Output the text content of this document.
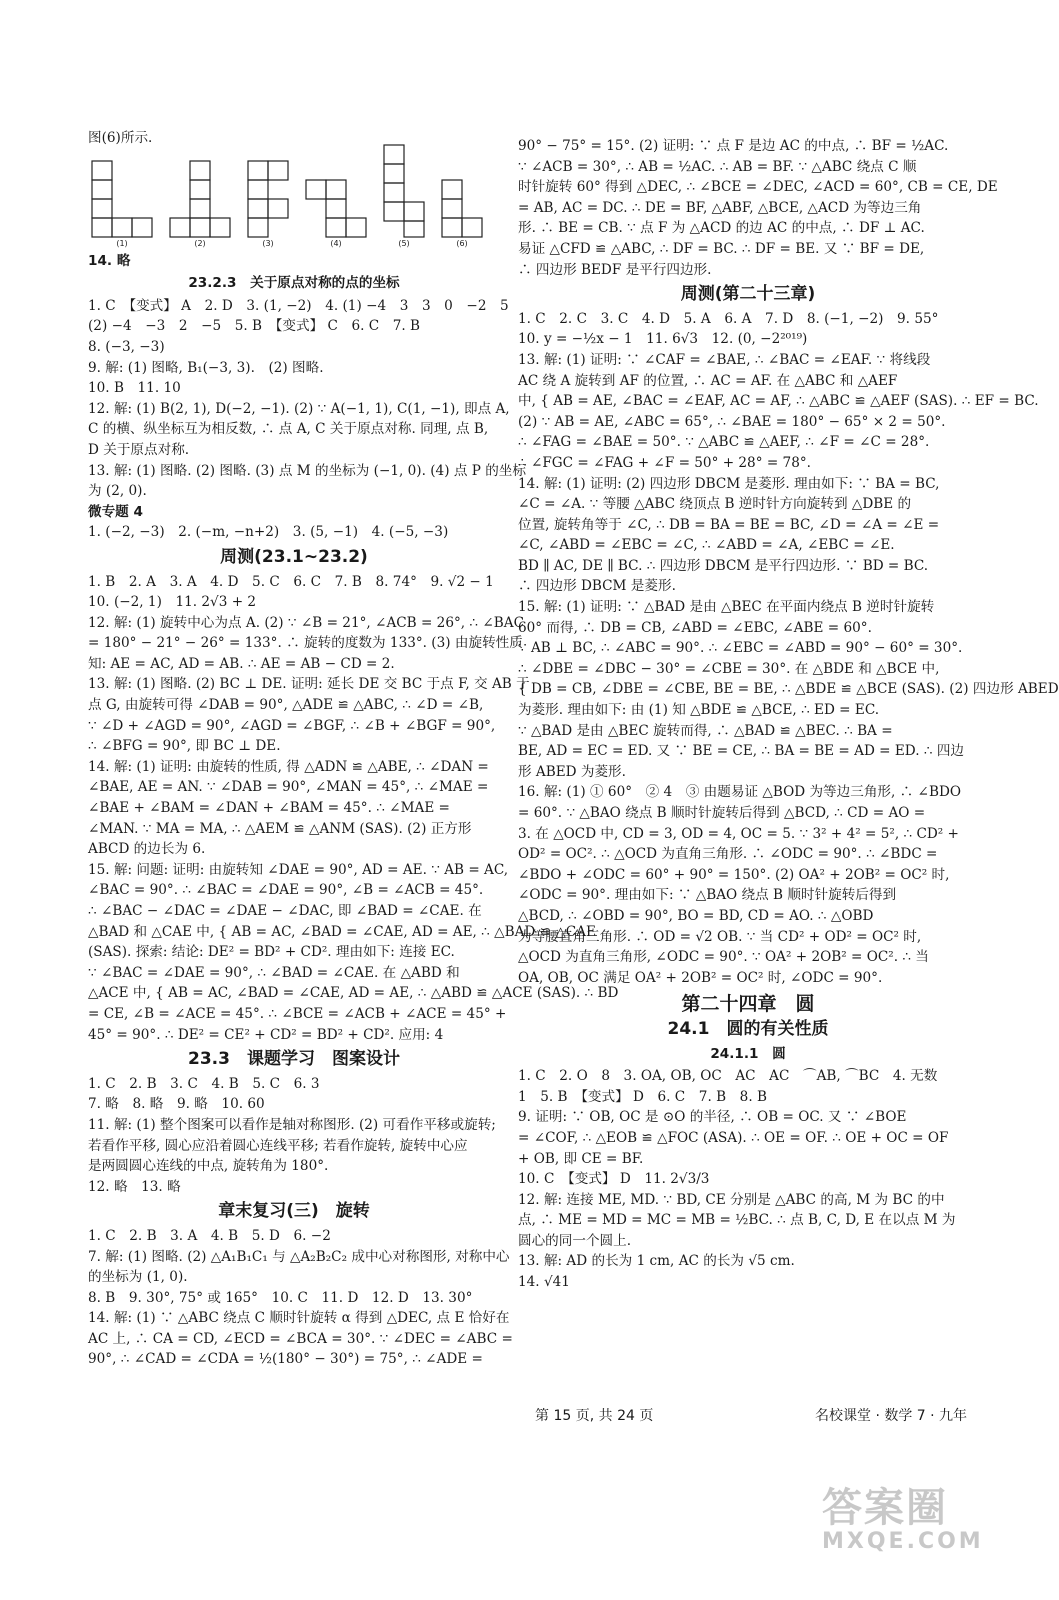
图(6)所示.
(1)	(2)	(3)	(4)	(5)	(6)
14. 略
23.2.3　关于原点对称的点的坐标
1. C　【变式】 A　2. D　3. (1, −2)　4. (1) −4　3　3　0　−2　5
(2) −4　−3　2　−5　5. B　【变式】 C　6. C　7. B
8. (−3, −3)
9. 解: (1) 图略, B₁(−3, 3).　(2) 图略.
10. B　11. 10
12. 解: (1) B(2, 1), D(−2, −1). (2) ∵ A(−1, 1), C(1, −1), 即点 A,
C 的横、纵坐标互为相反数, ∴ 点 A, C 关于原点对称. 同理, 点 B,
D 关于原点对称.
13. 解: (1) 图略. (2) 图略. (3) 点 M 的坐标为 (−1, 0). (4) 点 P 的坐标
为 (2, 0).
微专题 4
1. (−2, −3)　2. (−m, −n+2)　3. (5, −1)　4. (−5, −3)
周测(23.1∼23.2)
1. B　2. A　3. A　4. D　5. C　6. C　7. B　8. 74°　9. √2 − 1
10. (−2, 1)　11. 2√3 + 2
12. 解: (1) 旋转中心为点 A. (2) ∵ ∠B = 21°, ∠ACB = 26°, ∴ ∠BAC
= 180° − 21° − 26° = 133°. ∴ 旋转的度数为 133°. (3) 由旋转性质
知: AE = AC, AD = AB. ∴ AE = AB − CD = 2.
13. 解: (1) 图略. (2) BC ⊥ DE. 证明: 延长 DE 交 BC 于点 F, 交 AB 于
点 G, 由旋转可得 ∠DAB = 90°, △ADE ≌ △ABC, ∴ ∠D = ∠B,
∵ ∠D + ∠AGD = 90°, ∠AGD = ∠BGF, ∴ ∠B + ∠BGF = 90°,
∴ ∠BFG = 90°, 即 BC ⊥ DE.
14. 解: (1) 证明: 由旋转的性质, 得 △ADN ≌ △ABE, ∴ ∠DAN =
∠BAE, AE = AN. ∵ ∠DAB = 90°, ∠MAN = 45°, ∴ ∠MAE =
∠BAE + ∠BAM = ∠DAN + ∠BAM = 45°. ∴ ∠MAE =
∠MAN. ∵ MA = MA, ∴ △AEM ≌ △ANM (SAS). (2) 正方形
ABCD 的边长为 6.
15. 解: 问题: 证明: 由旋转知 ∠DAE = 90°, AD = AE. ∵ AB = AC,
∠BAC = 90°. ∴ ∠BAC = ∠DAE = 90°, ∠B = ∠ACB = 45°.
∴ ∠BAC − ∠DAC = ∠DAE − ∠DAC, 即 ∠BAD = ∠CAE. 在
△BAD 和 △CAE 中, { AB = AC, ∠BAD = ∠CAE, AD = AE, ∴ △BAD ≌ △CAE
(SAS). 探索: 结论: DE² = BD² + CD². 理由如下: 连接 EC.
∵ ∠BAC = ∠DAE = 90°, ∴ ∠BAD = ∠CAE. 在 △ABD 和
△ACE 中, { AB = AC, ∠BAD = ∠CAE, AD = AE, ∴ △ABD ≌ △ACE (SAS). ∴ BD
= CE, ∠B = ∠ACE = 45°. ∴ ∠BCE = ∠ACB + ∠ACE = 45° +
45° = 90°. ∴ DE² = CE² + CD² = BD² + CD². 应用: 4
23.3　课题学习　图案设计
1. C　2. B　3. C　4. B　5. C　6. 3
7. 略　8. 略　9. 略　10. 60
11. 解: (1) 整个图案可以看作是轴对称图形. (2) 可看作平移或旋转;
若看作平移, 圆心应沿着圆心连线平移; 若看作旋转, 旋转中心应
是两圆圆心连线的中点, 旋转角为 180°.
12. 略　13. 略
章末复习(三)　旋转
1. C　2. B　3. A　4. B　5. D　6. −2
7. 解: (1) 图略. (2) △A₁B₁C₁ 与 △A₂B₂C₂ 成中心对称图形, 对称中心
的坐标为 (1, 0).
8. B　9. 30°, 75° 或 165°　10. C　11. D　12. D　13. 30°
14. 解: (1) ∵ △ABC 绕点 C 顺时针旋转 α 得到 △DEC, 点 E 恰好在
AC 上, ∴ CA = CD, ∠ECD = ∠BCA = 30°. ∵ ∠DEC = ∠ABC =
90°, ∴ ∠CAD = ∠CDA = ½(180° − 30°) = 75°, ∴ ∠ADE =
90° − 75° = 15°. (2) 证明: ∵ 点 F 是边 AC 的中点, ∴ BF = ½AC.
∵ ∠ACB = 30°, ∴ AB = ½AC. ∴ AB = BF. ∵ △ABC 绕点 C 顺
时针旋转 60° 得到 △DEC, ∴ ∠BCE = ∠DEC, ∠ACD = 60°, CB = CE, DE
= AB, AC = DC. ∴ DE = BF, △ABF, △BCE, △ACD 为等边三角
形. ∴ BE = CB. ∵ 点 F 为 △ACD 的边 AC 的中点, ∴ DF ⊥ AC.
易证 △CFD ≌ △ABC, ∴ DF = BC. ∴ DF = BE. 又 ∵ BF = DE,
∴ 四边形 BEDF 是平行四边形.
周测(第二十三章)
1. C　2. C　3. C　4. D　5. A　6. A　7. D　8. (−1, −2)　9. 55°
10. y = −½x − 1　11. 6√3　12. (0, −2²⁰¹⁹)
13. 解: (1) 证明: ∵ ∠CAF = ∠BAE, ∴ ∠BAC = ∠EAF. ∵ 将线段
AC 绕 A 旋转到 AF 的位置, ∴ AC = AF. 在 △ABC 和 △AEF
中, { AB = AE, ∠BAC = ∠EAF, AC = AF, ∴ △ABC ≌ △AEF (SAS). ∴ EF = BC.
(2) ∵ AB = AE, ∠ABC = 65°, ∴ ∠BAE = 180° − 65° × 2 = 50°.
∴ ∠FAG = ∠BAE = 50°. ∵ △ABC ≌ △AEF, ∴ ∠F = ∠C = 28°.
∴ ∠FGC = ∠FAG + ∠F = 50° + 28° = 78°.
14. 解: (1) 证明: (2) 四边形 DBCM 是菱形. 理由如下: ∵ BA = BC,
∠C = ∠A. ∵ 等腰 △ABC 绕顶点 B 逆时针方向旋转到 △DBE 的
位置, 旋转角等于 ∠C, ∴ DB = BA = BE = BC, ∠D = ∠A = ∠E =
∠C, ∠ABD = ∠EBC = ∠C, ∴ ∠ABD = ∠A, ∠EBC = ∠E.
BD ∥ AC, DE ∥ BC. ∴ 四边形 DBCM 是平行四边形. ∵ BD = BC.
∴ 四边形 DBCM 是菱形.
15. 解: (1) 证明: ∵ △BAD 是由 △BEC 在平面内绕点 B 逆时针旋转
60° 而得, ∴ DB = CB, ∠ABD = ∠EBC, ∠ABE = 60°.
∵ AB ⊥ BC, ∴ ∠ABC = 90°. ∴ ∠EBC = ∠ABD = 90° − 60° = 30°.
∴ ∠DBE = ∠DBC − 30° = ∠CBE = 30°. 在 △BDE 和 △BCE 中,
{ DB = CB, ∠DBE = ∠CBE, BE = BE, ∴ △BDE ≌ △BCE (SAS). (2) 四边形 ABED
为菱形. 理由如下: 由 (1) 知 △BDE ≌ △BCE, ∴ ED = EC.
∵ △BAD 是由 △BEC 旋转而得, ∴ △BAD ≌ △BEC. ∴ BA =
BE, AD = EC = ED. 又 ∵ BE = CE, ∴ BA = BE = AD = ED. ∴ 四边
形 ABED 为菱形.
16. 解: (1) ① 60°　② 4　③ 由题易证 △BOD 为等边三角形, ∴ ∠BDO
= 60°. ∵ △BAO 绕点 B 顺时针旋转后得到 △BCD, ∴ CD = AO =
3. 在 △OCD 中, CD = 3, OD = 4, OC = 5. ∵ 3² + 4² = 5², ∴ CD² +
OD² = OC². ∴ △OCD 为直角三角形. ∴ ∠ODC = 90°. ∴ ∠BDC =
∠BDO + ∠ODC = 60° + 90° = 150°. (2) OA² + 2OB² = OC² 时,
∠ODC = 90°. 理由如下: ∵ △BAO 绕点 B 顺时针旋转后得到
△BCD, ∴ ∠OBD = 90°, BO = BD, CD = AO. ∴ △OBD
为等腰直角三角形. ∴ OD = √2 OB. ∵ 当 CD² + OD² = OC² 时,
△OCD 为直角三角形, ∠ODC = 90°. ∵ OA² + 2OB² = OC². ∴ 当
OA, OB, OC 满足 OA² + 2OB² = OC² 时, ∠ODC = 90°.
第二十四章　圆
24.1　圆的有关性质
24.1.1　圆
1. C　2. O　8　3. OA, OB, OC　AC　AC　⌒AB, ⌒BC　4. 无数
1　5. B　【变式】 D　6. C　7. B　8. B
9. 证明: ∵ OB, OC 是 ⊙O 的半径, ∴ OB = OC. 又 ∵ ∠BOE
= ∠COF, ∴ △EOB ≌ △FOC (ASA). ∴ OE = OF. ∴ OE + OC = OF
+ OB, 即 CE = BF.
10. C　【变式】 D　11. 2√3/3
12. 解: 连接 ME, MD. ∵ BD, CE 分别是 △ABC 的高, M 为 BC 的中
点, ∴ ME = MD = MC = MB = ½BC. ∴ 点 B, C, D, E 在以点 M 为
圆心的同一个圆上.
13. 解: AD 的长为 1 cm, AC 的长为 √5 cm.
14. √41
第 15 页, 共 24 页	名校课堂 · 数学 7 · 九年
答案圈
MXQE.COM
